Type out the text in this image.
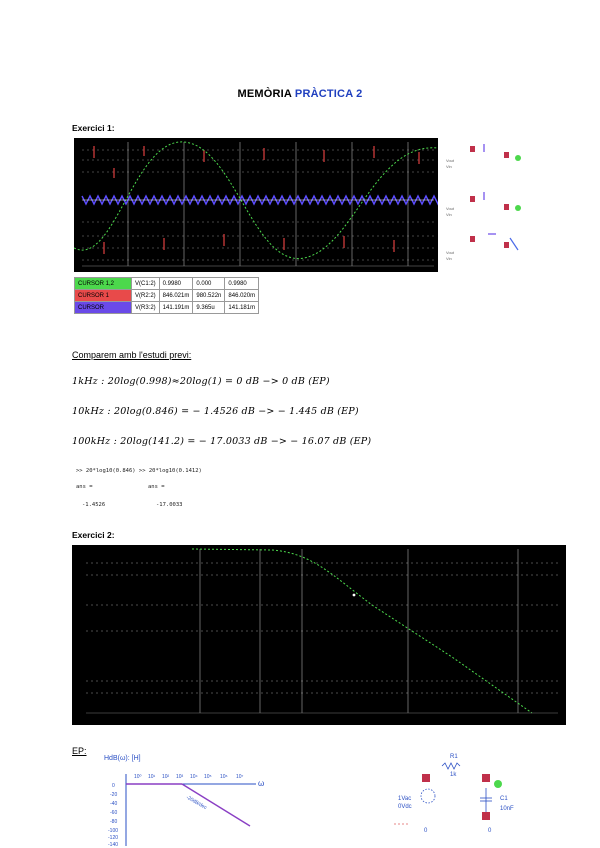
MEMÒRIA PRÀCTICA 2
Exercici 1:
Vout
Vin
Vout
Vin
Vout
Vin
CURSOR 1,2	V(C1:2)	0.9980	0.000	0.9980
CURSOR 1	V(R2:2)	846.021m	980.522n	846.020m
CURSOR	V(R3:2)	141.191m	9.365u	141.181m
Comparem amb l'estudi previ:
1kHz : 20log(0.998)≈20log(1) = 0 dB −> 0 dB (EP)
10kHz : 20log(0.846) = − 1.4526 dB −> − 1.445 dB (EP)
100kHz : 20log(141.2) = − 17.0033 dB −> − 16.07 dB (EP)
>> 20*log10(0.846) >> 20*log10(0.1412)
ans =	ans =
-1.4526	-17.0033
Exercici 2:
EP:
HdB(ω): [H]
ω
10⁰ 10¹ 10² 10³ 10⁴ 10⁵ 10⁶ 10⁷
0
-20
-40
-60
-80
-100
-120
-140
-20dB/dec
R1
1k
C1
10nF
1Vac
0Vdc
0	0
